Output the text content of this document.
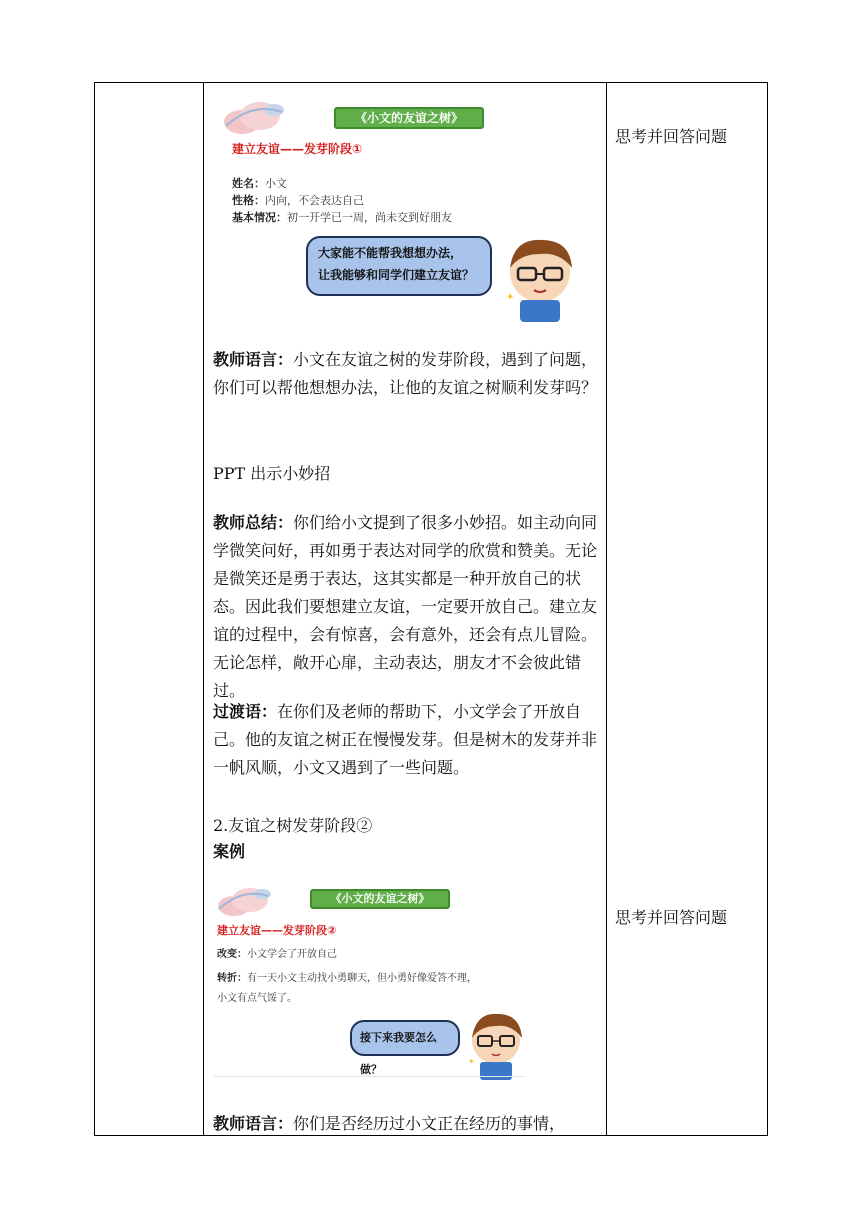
思考并回答问题
思考并回答问题
《小文的友谊之树》
建立友谊——发芽阶段①
姓名：小文
性格：内向，不会表达自己
基本情况：初一开学已一周，尚未交到好朋友
大家能不能帮我想想办法，
让我能够和同学们建立友谊？
✦
教师语言：小文在友谊之树的发芽阶段，遇到了问题，你们可以帮他想想办法，让他的友谊之树顺利发芽吗？
PPT 出示小妙招
教师总结：你们给小文提到了很多小妙招。如主动向同学微笑问好，再如勇于表达对同学的欣赏和赞美。无论是微笑还是勇于表达，这其实都是一种开放自己的状态。因此我们要想建立友谊，一定要开放自己。建立友谊的过程中，会有惊喜，会有意外，还会有点儿冒险。无论怎样，敞开心扉，主动表达，朋友才不会彼此错过。
过渡语：在你们及老师的帮助下，小文学会了开放自己。他的友谊之树正在慢慢发芽。但是树木的发芽并非一帆风顺，小文又遇到了一些问题。
2.友谊之树发芽阶段②
案例
《小文的友谊之树》
建立友谊——发芽阶段②
改变：小文学会了开放自己
转折：有一天小文主动找小勇聊天，但小勇好像爱答不理，
小文有点气馁了。
接下来我要怎么做？
✦
教师语言：你们是否经历过小文正在经历的事情，
